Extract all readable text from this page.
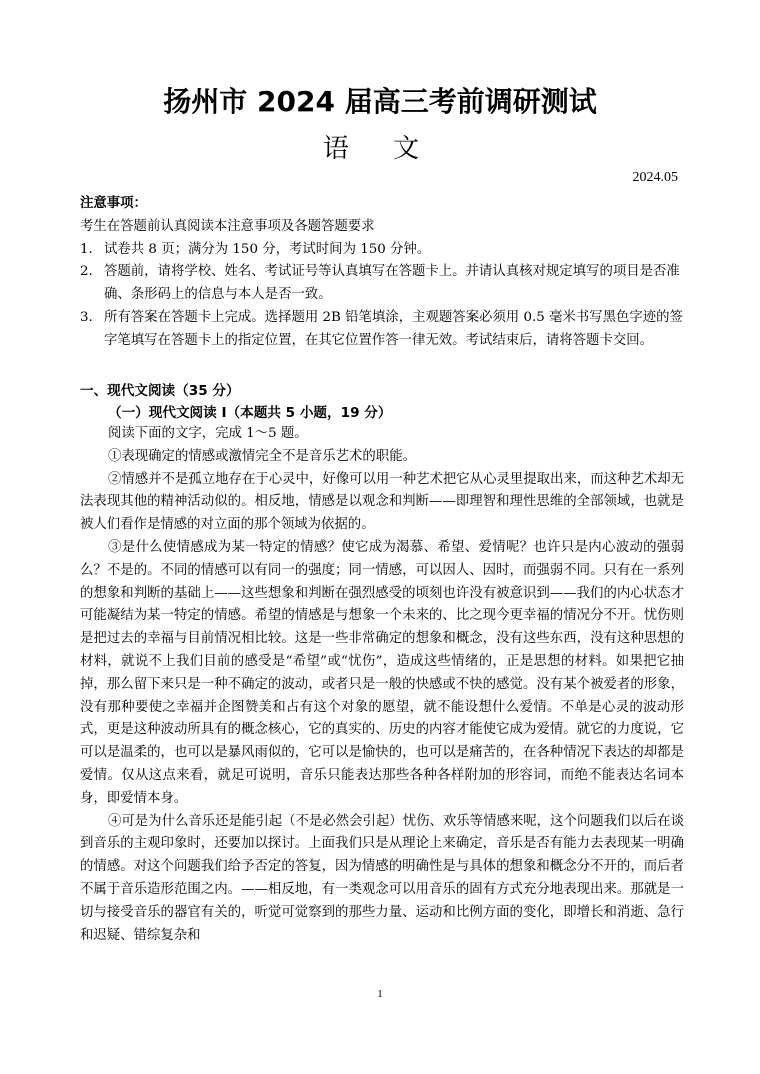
扬州市 2024 届高三考前调研测试
语 文
2024.05
注意事项：
考生在答题前认真阅读本注意事项及各题答题要求
1. 试卷共 8 页；满分为 150 分，考试时间为 150 分钟。
2. 答题前，请将学校、姓名、考试证号等认真填写在答题卡上。并请认真核对规定填写的项目是否准确、条形码上的信息与本人是否一致。
3. 所有答案在答题卡上完成。选择题用 2B 铅笔填涂，主观题答案必须用 0.5 毫米书写黑色字迹的签字笔填写在答题卡上的指定位置，在其它位置作答一律无效。考试结束后，请将答题卡交回。
一、现代文阅读（35 分）
（一）现代文阅读 I（本题共 5 小题，19 分）

阅读下面的文字，完成 1～5 题。

①表现确定的情感或激情完全不是音乐艺术的职能。

②情感并不是孤立地存在于心灵中，好像可以用一种艺术把它从心灵里提取出来，而这种艺术却无法表现其他的精神活动似的。相反地，情感是以观念和判断——即理智和理性思维的全部领域，也就是被人们看作是情感的对立面的那个领域为依据的。

③是什么使情感成为某一特定的情感？使它成为渴慕、希望、爱情呢？也许只是内心波动的强弱么？不是的。不同的情感可以有同一的强度；同一情感，可以因人、因时，而强弱不同。只有在一系列的想象和判断的基础上——这些想象和判断在强烈感受的顷刻也许没有被意识到——我们的内心状态才可能凝结为某一特定的情感。希望的情感是与想象一个未来的、比之现今更幸福的情况分不开。忧伤则是把过去的幸福与目前情况相比较。这是一些非常确定的想象和概念，没有这些东西，没有这种思想的材料，就说不上我们目前的感受是“希望”或“忧伤”，造成这些情绪的，正是思想的材料。如果把它抽掉，那么留下来只是一种不确定的波动，或者只是一般的快感或不快的感觉。没有某个被爱者的形象，没有那种要使之幸福并企图赞美和占有这个对象的愿望，就不能设想什么爱情。不单是心灵的波动形式，更是这种波动所具有的概念核心，它的真实的、历史的内容才能使它成为爱情。就它的力度说，它可以是温柔的，也可以是暴风雨似的，它可以是愉快的，也可以是痛苦的，在各种情况下表达的却都是爱情。仅从这点来看，就足可说明，音乐只能表达那些各种各样附加的形容词，而绝不能表达名词本身，即爱情本身。

④可是为什么音乐还是能引起（不是必然会引起）忧伤、欢乐等情感来呢，这个问题我们以后在谈到音乐的主观印象时，还要加以探讨。上面我们只是从理论上来确定，音乐是否有能力去表现某一明确的情感。对这个问题我们给予否定的答复，因为情感的明确性是与具体的想象和概念分不开的，而后者不属于音乐造形范围之内。——相反地，有一类观念可以用音乐的固有方式充分地表现出来。那就是一切与接受音乐的器官有关的，听觉可觉察到的那些力量、运动和比例方面的变化，即增长和消逝、急行和迟疑、错综复杂和

1
